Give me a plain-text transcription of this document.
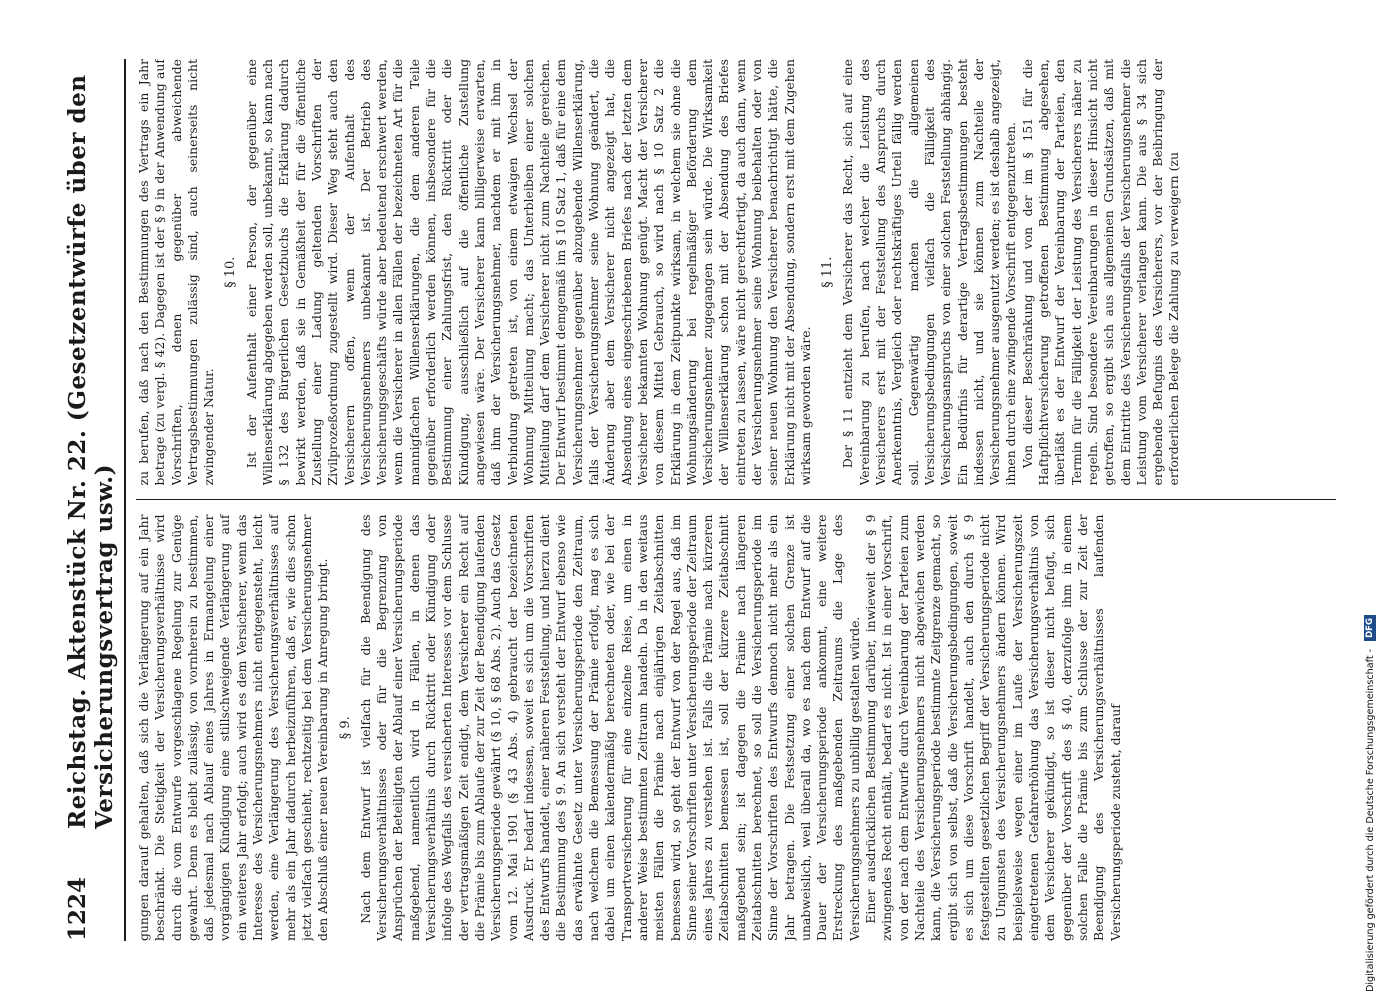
1224
Reichstag. Aktenstück Nr. 22. (Gesetzentwürfe über den Versicherungsvertrag usw.) gungen darauf gehalten, daß sich die Verlängerung auf ein Jahr beschränkt. Die Stetigkeit der Versicherungsverhältnisse wird durch die vom Entwurfe vorgeschlagene Regelung zur Genüge gewahrt. Denn es bleibt zulässig, von vornherein zu bestimmen, daß jedesmal nach Ablauf eines Jahres in Ermangelung einer vorgängigen Kündigung eine stillschweigende Verlängerung auf ein weiteres Jahr erfolgt; auch wird es dem Versicherer, wenn das Interesse des Versicherungsnehmers nicht entgegensteht, leicht werden, eine Verlängerung des Versicherungsverhältnisses auf mehr als ein Jahr dadurch herbeizuführen, daß er, wie dies schon jetzt vielfach geschieht, rechtzeitig bei dem Versicherungsnehmer den Abschluß einer neuen Vereinbarung in Anregung bringt. § 9. Nach dem Entwurf ist vielfach für die Beendigung des Versicherungsverhältnisses oder für die Begrenzung von Ansprüchen der Beteiligten der Ablauf einer Versicherungsperiode maßgebend, namentlich wird in Fällen, in denen das Versicherungsverhältnis durch Rücktritt oder Kündigung oder infolge des Wegfalls des versicherten Interesses vor dem Schlusse der vertragsmäßigen Zeit endigt, dem Versicherer ein Recht auf die Prämie bis zum Ablaufe der zur Zeit der Beendigung laufenden Versicherungsperiode gewährt (§ 10, § 68 Abs. 2). Auch das Gesetz vom 12. Mai 1901 (§ 43 Abs. 4) gebraucht der bezeichneten Ausdruck. Er bedarf indessen, soweit es sich um die Vorschriften des Entwurfs handelt, einer näheren Feststellung, und hierzu dient die Bestimmung des § 9. An sich versteht der Entwurf ebenso wie das erwähnte Gesetz unter Versicherungsperiode den Zeitraum, nach welchem die Bemessung der Prämie erfolgt, mag es sich dabei um einen kalendermäßig berechneten oder, wie bei der Transportversicherung für eine einzelne Reise, um einen in anderer Weise bestimmten Zeitraum handeln. Da in den weitaus meisten Fällen die Prämie nach einjährigen Zeitabschnitten bemessen wird, so geht der Entwurf von der Regel aus, daß im Sinne seiner Vorschriften unter Versicherungsperiode der Zeitraum eines Jahres zu verstehen ist. Falls die Prämie nach kürzeren Zeitabschnitten bemessen ist, soll der kürzere Zeitabschnitt maßgebend sein; ist dagegen die Prämie nach längeren Zeitabschnitten berechnet, so soll die Versicherungsperiode im Sinne der Vorschriften des Entwurfs dennoch nicht mehr als ein Jahr betragen. Die Festsetzung einer solchen Grenze ist unabweislich, weil überall da, wo es nach dem Entwurf auf die Dauer der Versicherungsperiode ankommt, eine weitere Erstreckung des maßgebenden Zeitraums die Lage des Versicherungsnehmers zu unbillig gestalten würde. Einer ausdrücklichen Bestimmung darüber, inwieweit der § 9 zwingendes Recht enthält, bedarf es nicht. Ist in einer Vorschrift, von der nach dem Entwurfe durch Vereinbarung der Parteien zum Nachteile des Versicherungsnehmers nicht abgewichen werden kann, die Versicherungsperiode bestimmte Zeitgrenze gemacht, so ergibt sich von selbst, daß die Versicherungsbedingungen, soweit es sich um diese Vorschrift handelt, auch den durch § 9 festgestellten gesetzlichen Begriff der Versicherungsperiode nicht zu Ungunsten des Versicherungsnehmers ändern können. Wird beispielsweise wegen einer im Laufe der Versicherungszeit eingetretenen Gefahrerhöhung das Versicherungsverhältnis von dem Versicherer gekündigt, so ist dieser nicht befugt, sich gegenüber der Vorschrift des § 40, derzufolge ihm in einem solchen Falle die Prämie bis zum Schlusse der zur Zeit der Beendigung des Versicherungsverhältnisses laufenden Versicherungsperiode zusteht, darauf

zu berufen, daß nach den Bestimmungen des Vertrags ein Jahr betrage (zu vergl. § 42). Dagegen ist der § 9 in der Anwendung auf Vorschriften, denen gegenüber abweichende Vertragsbestimmungen zulässig sind, auch seinerseits nicht zwingender Natur.

§ 10. Ist der Aufenthalt einer Person, der gegenüber eine Willenserklärung abgegeben werden soll, unbekannt, so kann nach § 132 des Bürgerlichen Gesetzbuchs die Erklärung dadurch bewirkt werden, daß sie in Gemäßheit der für die öffentliche Zustellung einer Ladung geltenden Vorschriften der Zivilprozeßordnung zugestellt wird. Dieser Weg steht auch den Versicherern offen, wenn der Aufenthalt des Versicherungsnehmers unbekannt ist. Der Betrieb des Versicherungsgeschäfts würde aber bedeutend erschwert werden, wenn die Versicherer in allen Fällen der bezeichneten Art für die mannigfachen Willenserklärungen, die dem anderen Teile gegenüber erforderlich werden können, insbesondere für die Bestimmung einer Zahlungsfrist, den Rücktritt oder die Kündigung, ausschließlich auf die öffentliche Zustellung angewiesen wäre. Der Versicherer kann billigerweise erwarten, daß ihm der Versicherungsnehmer, nachdem er mit ihm in Verbindung getreten ist, von einem etwaigen Wechsel der Wohnung Mitteilung macht; das Unterbleiben einer solchen Mitteilung darf dem Versicherer nicht zum Nachteile gereichen. Der Entwurf bestimmt demgemäß im § 10 Satz 1, daß für eine dem Versicherungsnehmer gegenüber abzugebende Willenserklärung, falls der Versicherungsnehmer seine Wohnung geändert, die Änderung aber dem Versicherer nicht angezeigt hat, die Absendung eines eingeschriebenen Briefes nach der letzten dem Versicherer bekannten Wohnung genügt. Macht der Versicherer von diesem Mittel Gebrauch, so wird nach § 10 Satz 2 die Erklärung in dem Zeitpunkte wirksam, in welchem sie ohne die Wohnungsänderung bei regelmäßiger Beförderung dem Versicherungsnehmer zugegangen sein würde. Die Wirksamkeit der Willenserklärung schon mit der Absendung des Briefes eintreten zu lassen, wäre nicht gerechtfertigt, da auch dann, wenn der Versicherungsnehmer seine Wohnung beibehalten oder von seiner neuen Wohnung den Versicherer benachrichtigt hätte, die Erklärung nicht mit der Absendung, sondern erst mit dem Zugehen wirksam geworden wäre.

§ 11. Der § 11 entzieht dem Versicherer das Recht, sich auf eine Vereinbarung zu berufen, nach welcher die Leistung des Versicherers erst mit der Feststellung des Anspruchs durch Anerkenntnis, Vergleich oder rechtskräftiges Urteil fällig werden soll. Gegenwärtig machen die allgemeinen Versicherungsbedingungen vielfach die Fälligkeit des Versicherungsanspruchs von einer solchen Feststellung abhängig. Ein Bedürfnis für derartige Vertragsbestimmungen besteht indessen nicht, und sie können zum Nachteile der Versicherungsnehmer ausgenutzt werden; es ist deshalb angezeigt, ihnen durch eine zwingende Vorschrift entgegenzutreten. Von dieser Beschränkung und von der im § 151 für die Haftpflichtversicherung getroffenen Bestimmung abgesehen, überläßt es der Entwurf der Vereinbarung der Parteien, den Termin für die Fälligkeit der Leistung des Versicherers näher zu regeln. Sind besondere Vereinbarungen in dieser Hinsicht nicht getroffen, so ergibt sich aus allgemeinen Grundsätzen, daß mit dem Eintritte des Versicherungsfalls der Versicherungsnehmer die Leistung vom Versicherer verlangen kann. Die aus § 34 sich ergebende Befugnis des Versicherers, vor der Beibringung der erforderlichen Belege die Zahlung zu verweigern (zu

Digitalisierung gefördert durch die Deutsche Forschungsgemeinschaft -
DFG
